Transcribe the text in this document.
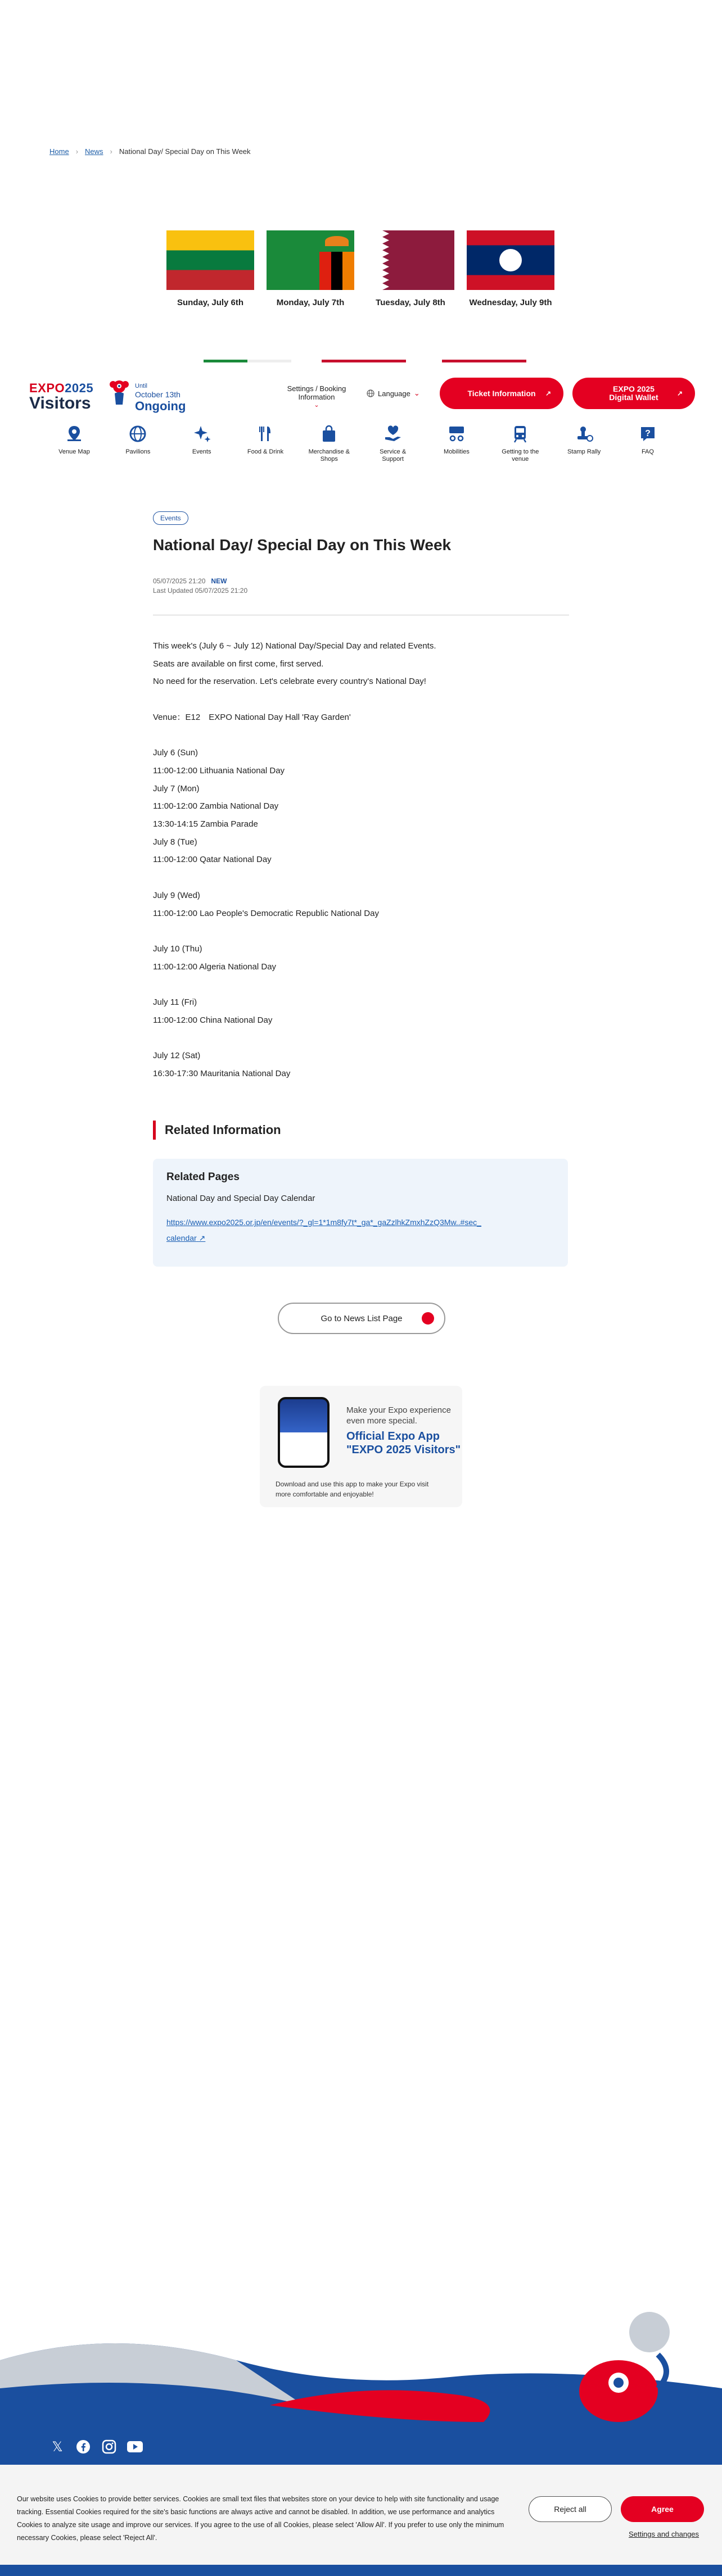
Home › News › National Day/ Special Day on This Week
Sunday, July 6th	Monday, July 7th	Tuesday, July 8th	Wednesday, July 9th
EXPO2025
Visitors
Until
October 13th
Ongoing
Settings / Booking Information
⌄
Language ⌄	Ticket Information ↗	EXPO 2025 Digital Wallet	↗
Venue Map	Pavilions	Events	Food & Drink	Merchandise & Shops
Service & Support
Mobilities	Getting to the venue
Stamp Rally
?
FAQ
Events
National Day/ Special Day on This Week
05/07/2025 21:20 NEW
Last Updated 05/07/2025 21:20
This week's (July 6 ~ July 12) National Day/Special Day and related Events.
Seats are available on first come, first served.
No need for the reservation. Let's celebrate every country's National Day!
Venue：E12　EXPO National Day Hall 'Ray Garden'
July 6 (Sun)
11:00-12:00 Lithuania National Day
July 7 (Mon)
11:00-12:00 Zambia National Day
13:30-14:15 Zambia Parade
July 8 (Tue)
11:00-12:00 Qatar National Day
July 9 (Wed)
11:00-12:00 Lao People's Democratic Republic National Day
July 10 (Thu)
11:00-12:00 Algeria National Day
July 11 (Fri)
11:00-12:00 China National Day
July 12 (Sat)
16:30-17:30 Mauritania National Day
Related Information
Related Pages
National Day and Special Day Calendar
https://www.expo2025.or.jp/en/events/?_gl=1*1m8fy7t*_ga*_gaZzlhkZmxhZzQ3Mw..#sec_calendar ↗
Go to News List Page
Make your Expo experience even more special.
Official Expo App "EXPO 2025 Visitors"
Download and use this app to make your Expo visit more comfortable and enjoyable!
𝕏
Our website uses Cookies to provide better services. Cookies are small text files that websites store on your device to help with site functionality and usage tracking. Essential Cookies required for the site's basic functions are always active and cannot be disabled. In addition, we use performance and analytics Cookies to analyze site usage and improve our services. If you agree to the use of all Cookies, please select 'Allow All'. If you prefer to use only the minimum necessary Cookies, please select 'Reject All'.
Reject all	Agree
Settings and changes
